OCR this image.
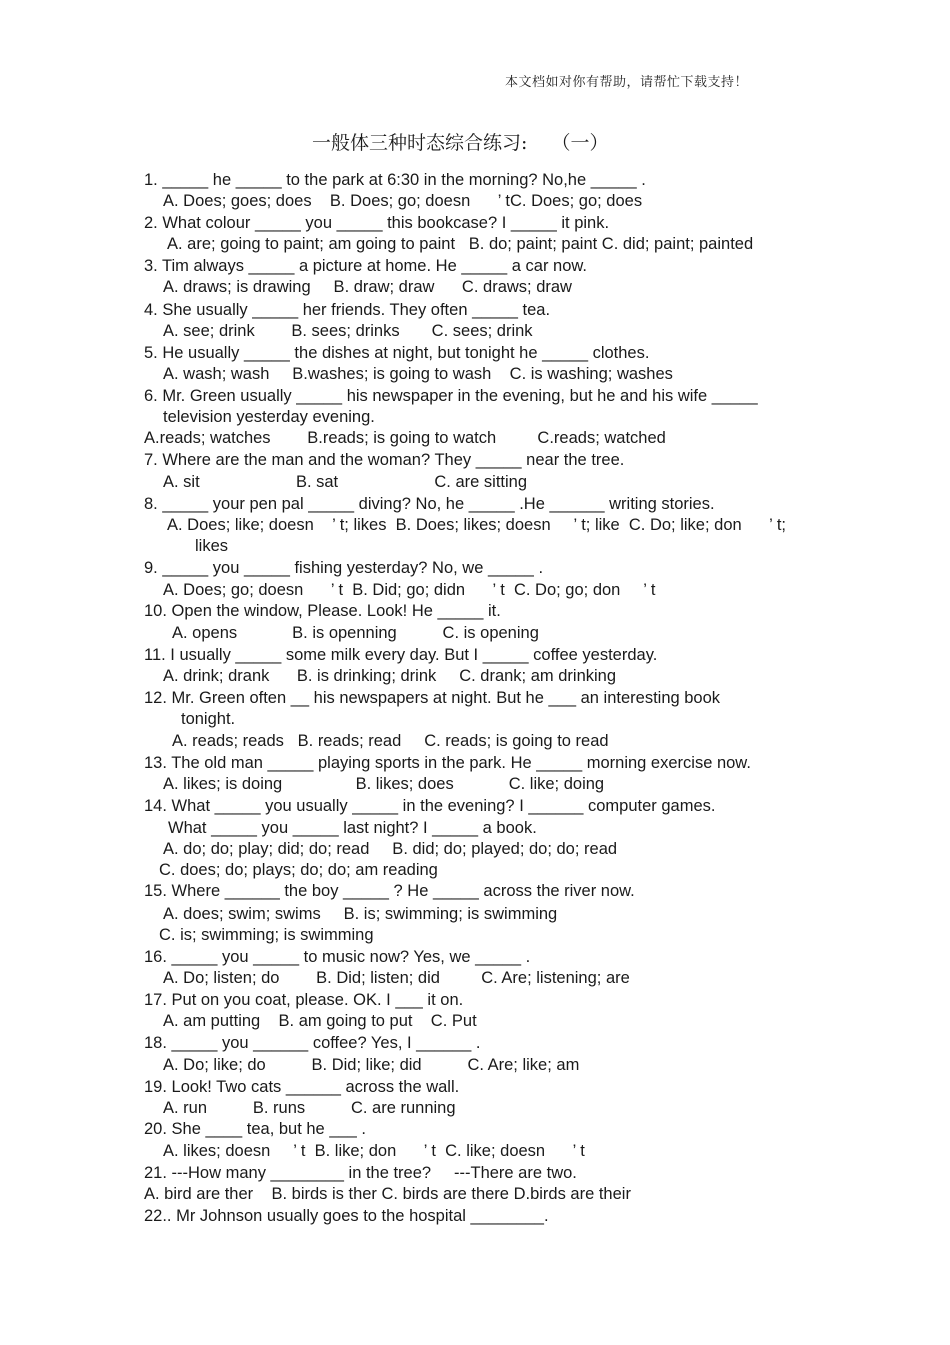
本文档如对你有帮助，请帮忙下载支持！
一般体三种时态综合练习:    （一）
1. _____ he _____ to the park at 6:30 in the morning? No,he _____ .
A. Does; goes; does    B. Does; go; doesn      ’ tC. Does; go; does
2. What colour _____ you _____ this bookcase? I _____ it pink.
A. are; going to paint; am going to paint   B. do; paint; paint C. did; paint; painted
3. Tim always _____ a picture at home. He _____ a car now.
A. draws; is drawing     B. draw; draw      C. draws; draw
4. She usually _____ her friends. They often _____ tea.
A. see; drink        B. sees; drinks       C. sees; drink
5. He usually _____ the dishes at night, but tonight he _____ clothes.
A. wash; wash     B.washes; is going to wash    C. is washing; washes
6. Mr. Green usually _____ his newspaper in the evening, but he and his wife _____
television yesterday evening.
A.reads; watches        B.reads; is going to watch         C.reads; watched
7. Where are the man and the woman? They _____ near the tree.
A. sit                     B. sat                     C. are sitting
8. _____ your pen pal _____ diving? No, he _____ .He ______ writing stories.
A. Does; like; doesn    ’ t; likes  B. Does; likes; doesn     ’ t; like  C. Do; like; don      ’ t;
likes
9. _____ you _____ fishing yesterday? No, we _____ .
A. Does; go; doesn      ’ t  B. Did; go; didn      ’ t  C. Do; go; don     ’ t
10. Open the window, Please. Look! He _____ it.
A. opens            B. is openning          C. is opening
11. I usually _____ some milk every day. But I _____ coffee yesterday.
A. drink; drank      B. is drinking; drink     C. drank; am drinking
12. Mr. Green often __ his newspapers at night. But he ___ an interesting book
tonight.
A. reads; reads   B. reads; read     C. reads; is going to read
13. The old man _____ playing sports in the park. He _____ morning exercise now.
A. likes; is doing                B. likes; does            C. like; doing
14. What _____ you usually _____ in the evening? I ______ computer games.
What _____ you _____ last night? I _____ a book.
A. do; do; play; did; do; read     B. did; do; played; do; do; read
C. does; do; plays; do; do; am reading
15. Where ______ the boy _____ ? He _____ across the river now.
A. does; swim; swims     B. is; swimming; is swimming
C. is; swimming; is swimming
16. _____ you _____ to music now? Yes, we _____ .
A. Do; listen; do        B. Did; listen; did         C. Are; listening; are
17. Put on you coat, please. OK. I ___ it on.
A. am putting    B. am going to put    C. Put
18. _____ you ______ coffee? Yes, I ______ .
A. Do; like; do          B. Did; like; did          C. Are; like; am
19. Look! Two cats ______ across the wall.
A. run          B. runs          C. are running
20. She ____ tea, but he ___ .
A. likes; doesn     ’ t  B. like; don      ’ t  C. like; doesn      ’ t
21. ---How many ________ in the tree?     ---There are two.
A. bird are ther    B. birds is ther C. birds are there D.birds are their
22.. Mr Johnson usually goes to the hospital ________.
